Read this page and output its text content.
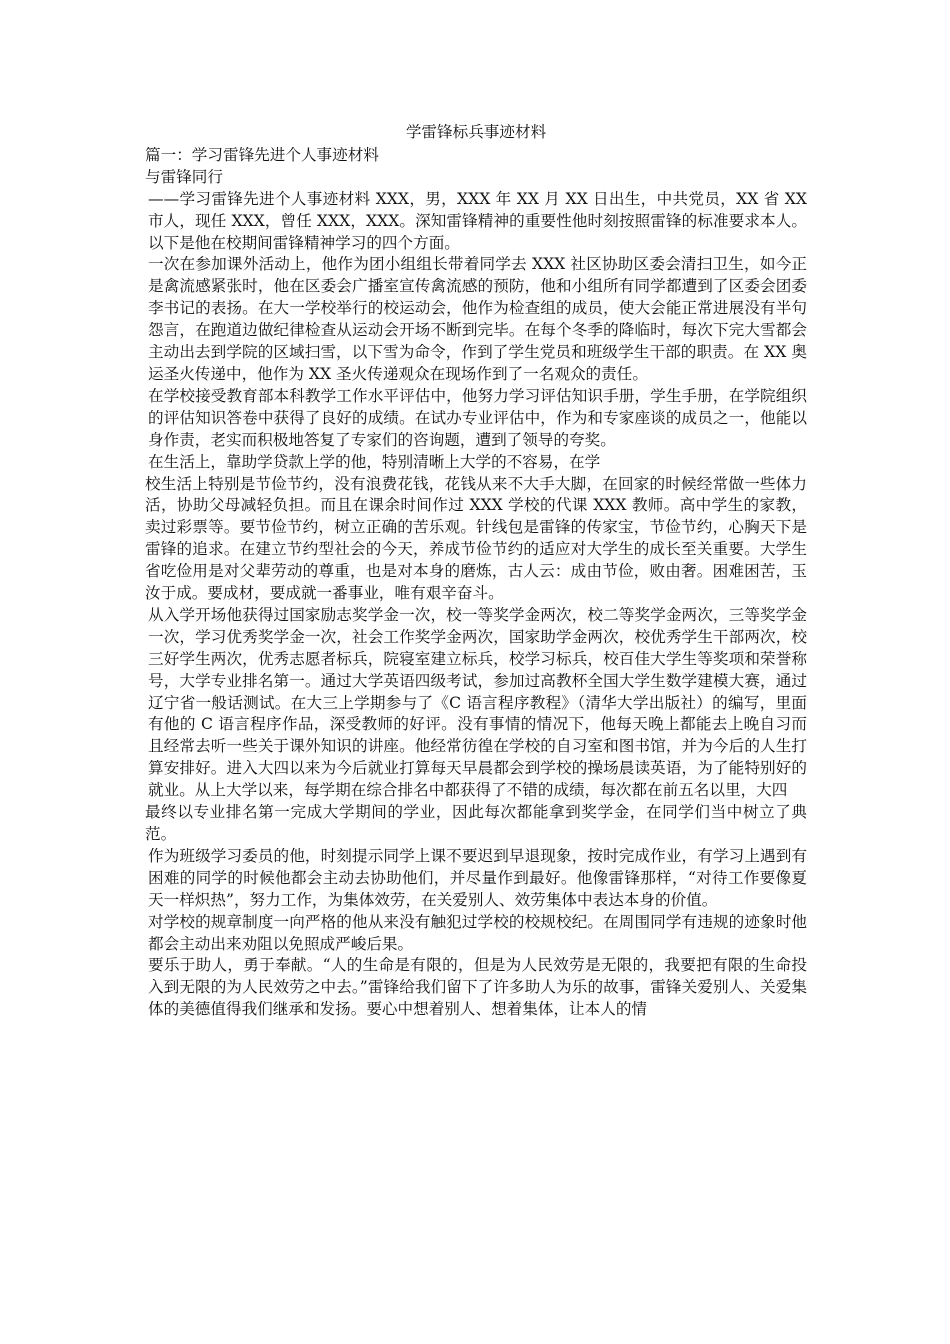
学雷锋标兵事迹材料

篇一：学习雷锋先进个人事迹材料

与雷锋同行

——学习雷锋先进个人事迹材料 XXX，男，XXX 年 XX 月 XX 日出生，中共党员，XX 省 XX 市人，现任 XXX，曾任 XXX，XXX。深知雷锋精神的重要性他时刻按照雷锋的标准要求本人。以下是他在校期间雷锋精神学习的四个方面。

一次在参加课外活动上，他作为团小组组长带着同学去 XXX 社区协助区委会清扫卫生，如今正是禽流感紧张时，他在区委会广播室宣传禽流感的预防，他和小组所有同学都遭到了区委会团委李书记的表扬。在大一学校举行的校运动会，他作为检查组的成员，使大会能正常进展没有半句怨言，在跑道边做纪律检查从运动会开场不断到完毕。在每个冬季的降临时，每次下完大雪都会主动出去到学院的区域扫雪，以下雪为命令，作到了学生党员和班级学生干部的职责。在 XX 奥运圣火传递中，他作为 XX 圣火传递观众在现场作到了一名观众的责任。

在学校接受教育部本科教学工作水平评估中，他努力学习评估知识手册，学生手册，在学院组织的评估知识答卷中获得了良好的成绩。在试办专业评估中，作为和专家座谈的成员之一，他能以身作责，老实而积极地答复了专家们的咨询题，遭到了领导的夸奖。

在生活上，靠助学贷款上学的他，特别清晰上大学的不容易，在学

校生活上特别是节俭节约，没有浪费花钱，花钱从来不大手大脚，在回家的时候经常做一些体力活，协助父母减轻负担。而且在课余时间作过 XXX 学校的代课 XXX 教师。高中学生的家教，卖过彩票等。要节俭节约，树立正确的苦乐观。针线包是雷锋的传家宝，节俭节约，心胸天下是雷锋的追求。在建立节约型社会的今天，养成节俭节约的适应对大学生的成长至关重要。大学生省吃俭用是对父辈劳动的尊重，也是对本身的磨炼，古人云：成由节俭，败由奢。困难困苦，玉汝于成。要成材，要成就一番事业，唯有艰辛奋斗。

从入学开场他获得过国家励志奖学金一次，校一等奖学金两次，校二等奖学金两次，三等奖学金一次，学习优秀奖学金一次，社会工作奖学金两次，国家助学金两次，校优秀学生干部两次，校三好学生两次，优秀志愿者标兵，院寝室建立标兵，校学习标兵，校百佳大学生等奖项和荣誉称号，大学专业排名第一。通过大学英语四级考试，参加过高教杯全国大学生数学建模大赛，通过辽宁省一般话测试。在大三上学期参与了《C 语言程序教程》（清华大学出版社）的编写，里面有他的 C 语言程序作品，深受教师的好评。没有事情的情况下，他每天晚上都能去上晚自习而且经常去听一些关于课外知识的讲座。他经常彷徨在学校的自习室和图书馆，并为今后的人生打算安排好。进入大四以来为今后就业打算每天早晨都会到学校的操场晨读英语，为了能特别好的就业。从上大学以来，每学期在综合排名中都获得了不错的成绩，每次都在前五名以里，大四

最终以专业排名第一完成大学期间的学业，因此每次都能拿到奖学金，在同学们当中树立了典范。

作为班级学习委员的他，时刻提示同学上课不要迟到早退现象，按时完成作业，有学习上遇到有困难的同学的时候他都会主动去协助他们，并尽量作到最好。他像雷锋那样，“对待工作要像夏天一样炽热”，努力工作，为集体效劳，在关爱别人、效劳集体中表达本身的价值。

对学校的规章制度一向严格的他从来没有触犯过学校的校规校纪。在周围同学有违规的迹象时他都会主动出来劝阻以免照成严峻后果。

要乐于助人，勇于奉献。“人的生命是有限的，但是为人民效劳是无限的，我要把有限的生命投入到无限的为人民效劳之中去。”雷锋给我们留下了许多助人为乐的故事，雷锋关爱别人、关爱集体的美德值得我们继承和发扬。要心中想着别人、想着集体，让本人的情
